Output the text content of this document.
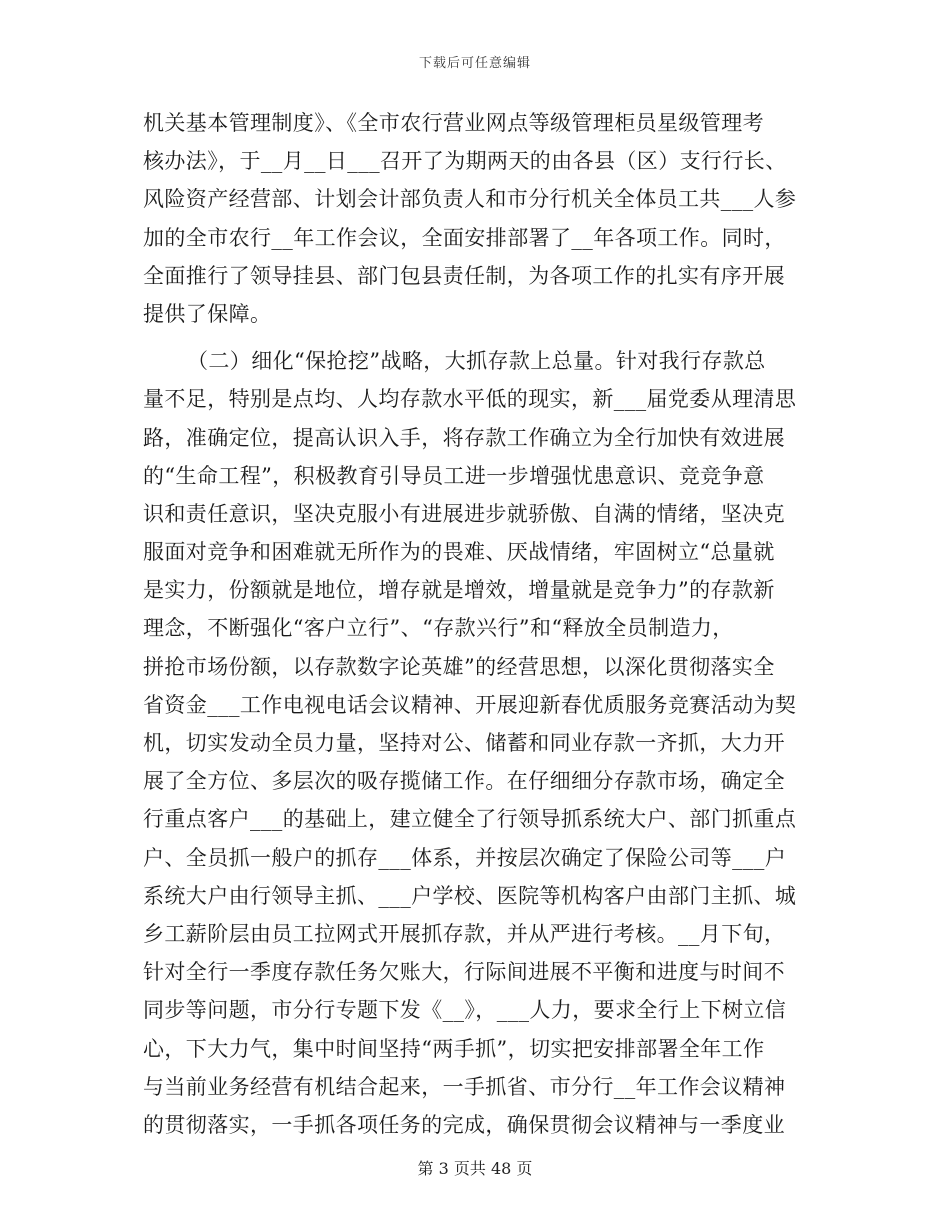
下载后可任意编辑
机关基本管理制度》、《全市农行营业网点等级管理柜员星级管理考
核办法》，于__月__日___召开了为期两天的由各县（区）支行行长、
风险资产经营部、计划会计部负责人和市分行机关全体员工共___人参
加的全市农行__年工作会议，全面安排部署了__年各项工作。同时，
全面推行了领导挂县、部门包县责任制，为各项工作的扎实有序开展
提供了保障。
（二）细化“保抢挖”战略，大抓存款上总量。针对我行存款总
量不足，特别是点均、人均存款水平低的现实，新___届党委从理清思
路，准确定位，提高认识入手，将存款工作确立为全行加快有效进展
的“生命工程”，积极教育引导员工进一步增强忧患意识、竞竞争意
识和责任意识，坚决克服小有进展进步就骄傲、自满的情绪，坚决克
服面对竞争和困难就无所作为的畏难、厌战情绪，牢固树立“总量就
是实力，份额就是地位，增存就是增效，增量就是竞争力”的存款新
理念，不断强化“客户立行”、“存款兴行”和“释放全员制造力，
拼抢市场份额，以存款数字论英雄”的经营思想，以深化贯彻落实全
省资金___工作电视电话会议精神、开展迎新春优质服务竞赛活动为契
机，切实发动全员力量，坚持对公、储蓄和同业存款一齐抓，大力开
展了全方位、多层次的吸存揽储工作。在仔细细分存款市场，确定全
行重点客户___的基础上，建立健全了行领导抓系统大户、部门抓重点
户、全员抓一般户的抓存___体系，并按层次确定了保险公司等___户
系统大户由行领导主抓、___户学校、医院等机构客户由部门主抓、城
乡工薪阶层由员工拉网式开展抓存款，并从严进行考核。__月下旬，
针对全行一季度存款任务欠账大，行际间进展不平衡和进度与时间不
同步等问题，市分行专题下发《__》，___人力，要求全行上下树立信
心，下大力气，集中时间坚持“两手抓”，切实把安排部署全年工作
与当前业务经营有机结合起来，一手抓省、市分行__年工作会议精神
的贯彻落实，一手抓各项任务的完成，确保贯彻会议精神与一季度业
第 3 页共 48 页
